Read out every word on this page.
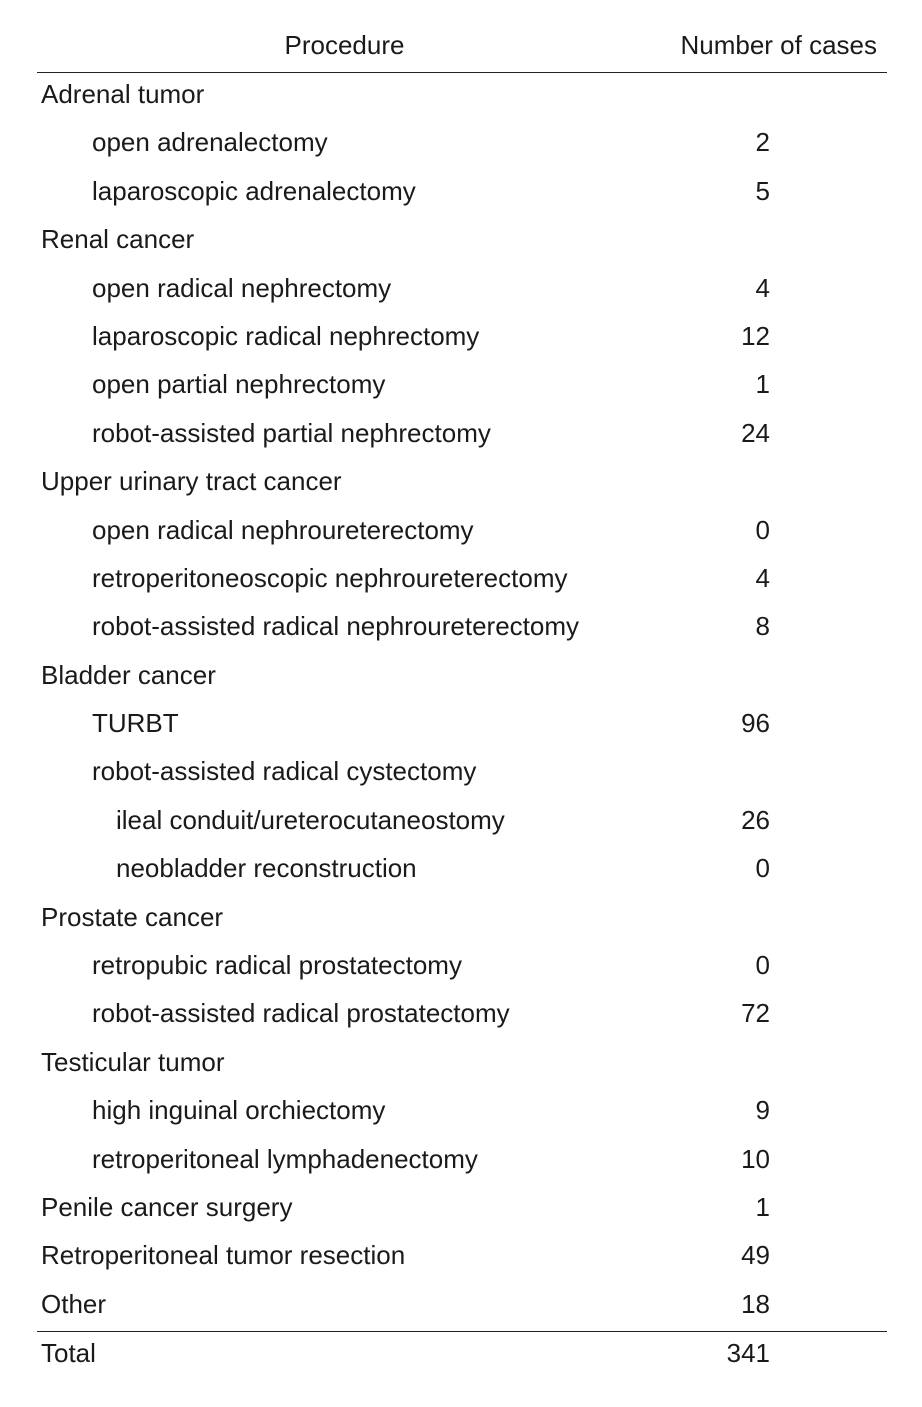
Procedure	Number of cases
Adrenal tumor
open adrenalectomy	2
laparoscopic adrenalectomy	5
Renal cancer
open radical nephrectomy	4
laparoscopic radical nephrectomy	12
open partial nephrectomy	1
robot-assisted partial nephrectomy	24
Upper urinary tract cancer
open radical nephroureterectomy	0
retroperitoneoscopic nephroureterectomy	4
robot-assisted radical nephroureterectomy	8
Bladder cancer
TURBT	96
robot-assisted radical cystectomy
ileal conduit/ureterocutaneostomy	26
neobladder reconstruction	0
Prostate cancer
retropubic radical prostatectomy	0
robot-assisted radical prostatectomy	72
Testicular tumor
high inguinal orchiectomy	9
retroperitoneal lymphadenectomy	10
Penile cancer surgery	1
Retroperitoneal tumor resection	49
Other	18
Total	341
